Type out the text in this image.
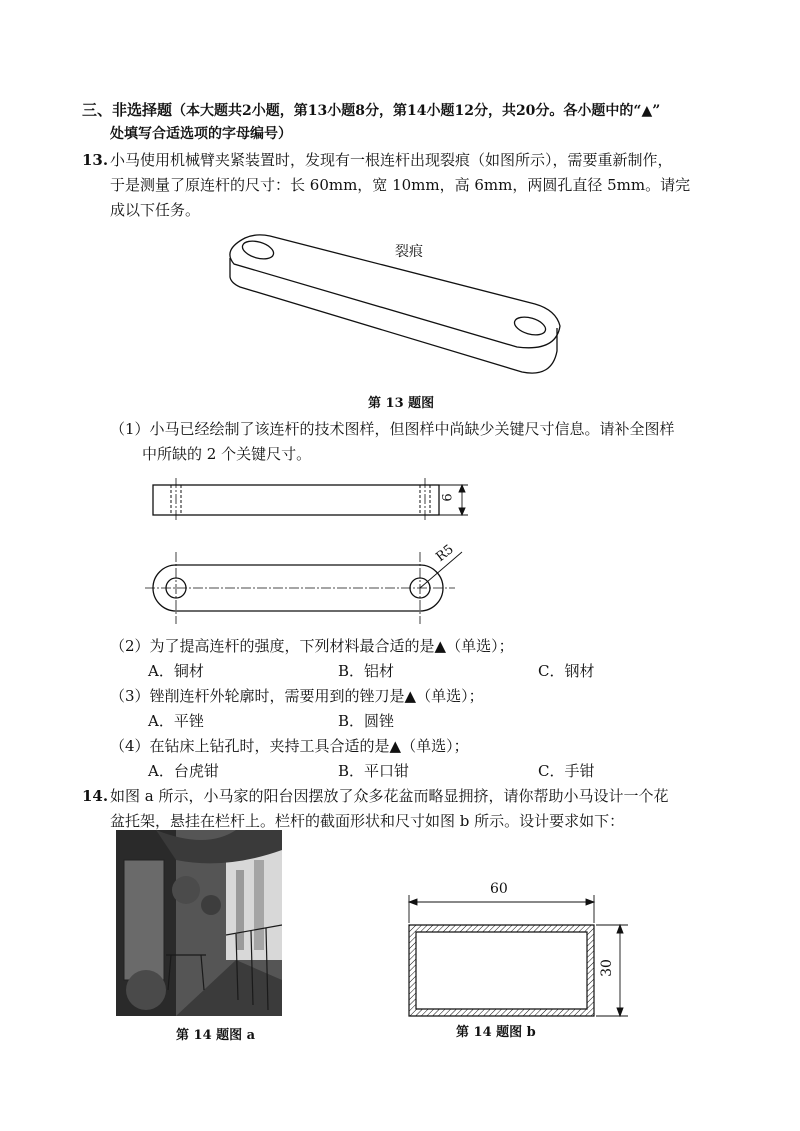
三、非选择题（本大题共2小题，第13小题8分，第14小题12分，共20分。各小题中的“▲”
处填写合适选项的字母编号）
13. 小马使用机械臂夹紧装置时，发现有一根连杆出现裂痕（如图所示），需要重新制作，
于是测量了原连杆的尺寸：长 60mm，宽 10mm，高 6mm，两圆孔直径 5mm。请完
成以下任务。
裂痕
第 13 题图
（1）小马已经绘制了该连杆的技术图样，但图样中尚缺少关键尺寸信息。请补全图样
中所缺的 2 个关键尺寸。
6
R5
（2）为了提高连杆的强度，下列材料最合适的是▲（单选）；
A．铜材	B．铝材	C．钢材
（3）锉削连杆外轮廓时，需要用到的锉刀是▲（单选）；
A．平锉	B．圆锉
（4）在钻床上钻孔时，夹持工具合适的是▲（单选）；
A．台虎钳	B．平口钳	C．手钳
14. 如图 a 所示，小马家的阳台因摆放了众多花盆而略显拥挤，请你帮助小马设计一个花
盆托架，悬挂在栏杆上。栏杆的截面形状和尺寸如图 b 所示。设计要求如下：
第 14 题图 a
60
30
第 14 题图 b
